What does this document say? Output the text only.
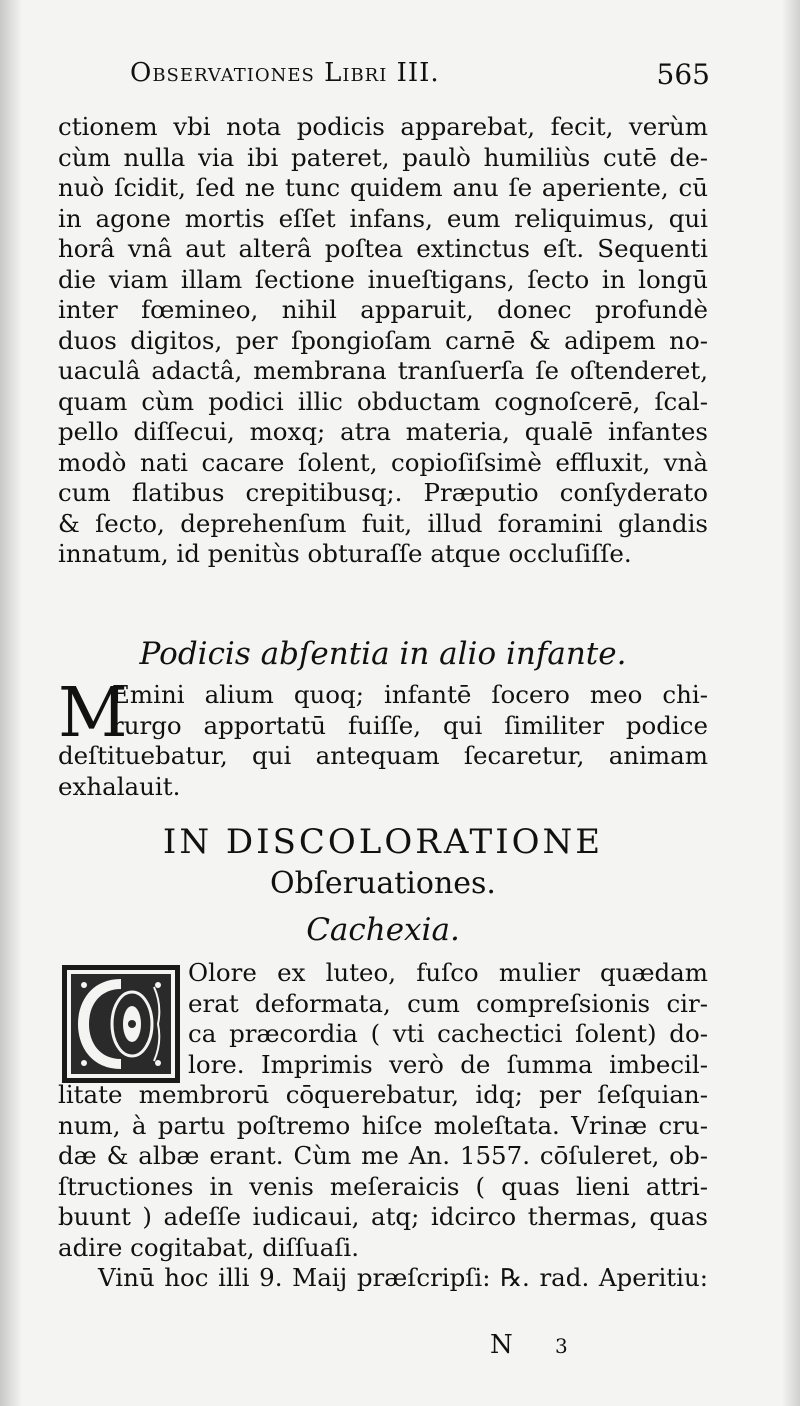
Observationes Libri III.	565
ctionem vbi nota podicis apparebat, fecit, verùm
cùm nulla via ibi pateret, paulò humiliùs cutē de-
nuò ſcidit, ſed ne tunc quidem anu ſe aperiente, cū
in agone mortis eſſet infans, eum reliquimus, qui
horâ vnâ aut alterâ poſtea extinctus eſt. Sequenti
die viam illam ſectione inueſtigans, ſecto in longū
inter fœmineo, nihil apparuit, donec profundè
duos digitos, per ſpongioſam carnē & adipem no-
uaculâ adactâ, membrana tranſuerſa ſe oſtenderet,
quam cùm podici illic obductam cognoſcerē, ſcal-
pello diſſecui, moxq; atra materia, qualē infantes
modò nati cacare ſolent, copioſiſsimè effluxit, vnà
cum flatibus crepitibusq;. Præputio conſyderato
& ſecto, deprehenſum fuit, illud foramini glandis
innatum, id penitùs obturaſſe atque occluſiſſe.
Podicis abſentia in alio infante.
M
Emini alium quoq; infantē ſocero meo chi-
rurgo apportatū fuiſſe, qui ſimiliter podice
deſtituebatur, qui antequam ſecaretur, animam
exhalauit.
IN DISCOLORATIONE
Obſeruationes.
Cachexia.
Olore ex luteo, fuſco mulier quædam
erat deformata, cum compreſsionis cir-
ca præcordia ( vti cachectici ſolent) do-
lore. Imprimis verò de ſumma imbecil-
litate membrorū cōquerebatur, idq; per ſeſquian-
num, à partu poſtremo hiſce moleſtata. Vrinæ cru-
dæ & albæ erant. Cùm me An. 1557. cōſuleret, ob-
ſtructiones in venis meſeraicis ( quas lieni attri-
buunt ) adeſſe iudicaui, atq; idcirco thermas, quas
adire cogitabat, diſſuaſi.
Vinū hoc illi 9. Maij præſcripſi: ℞. rad. Aperitiu:
N 3
